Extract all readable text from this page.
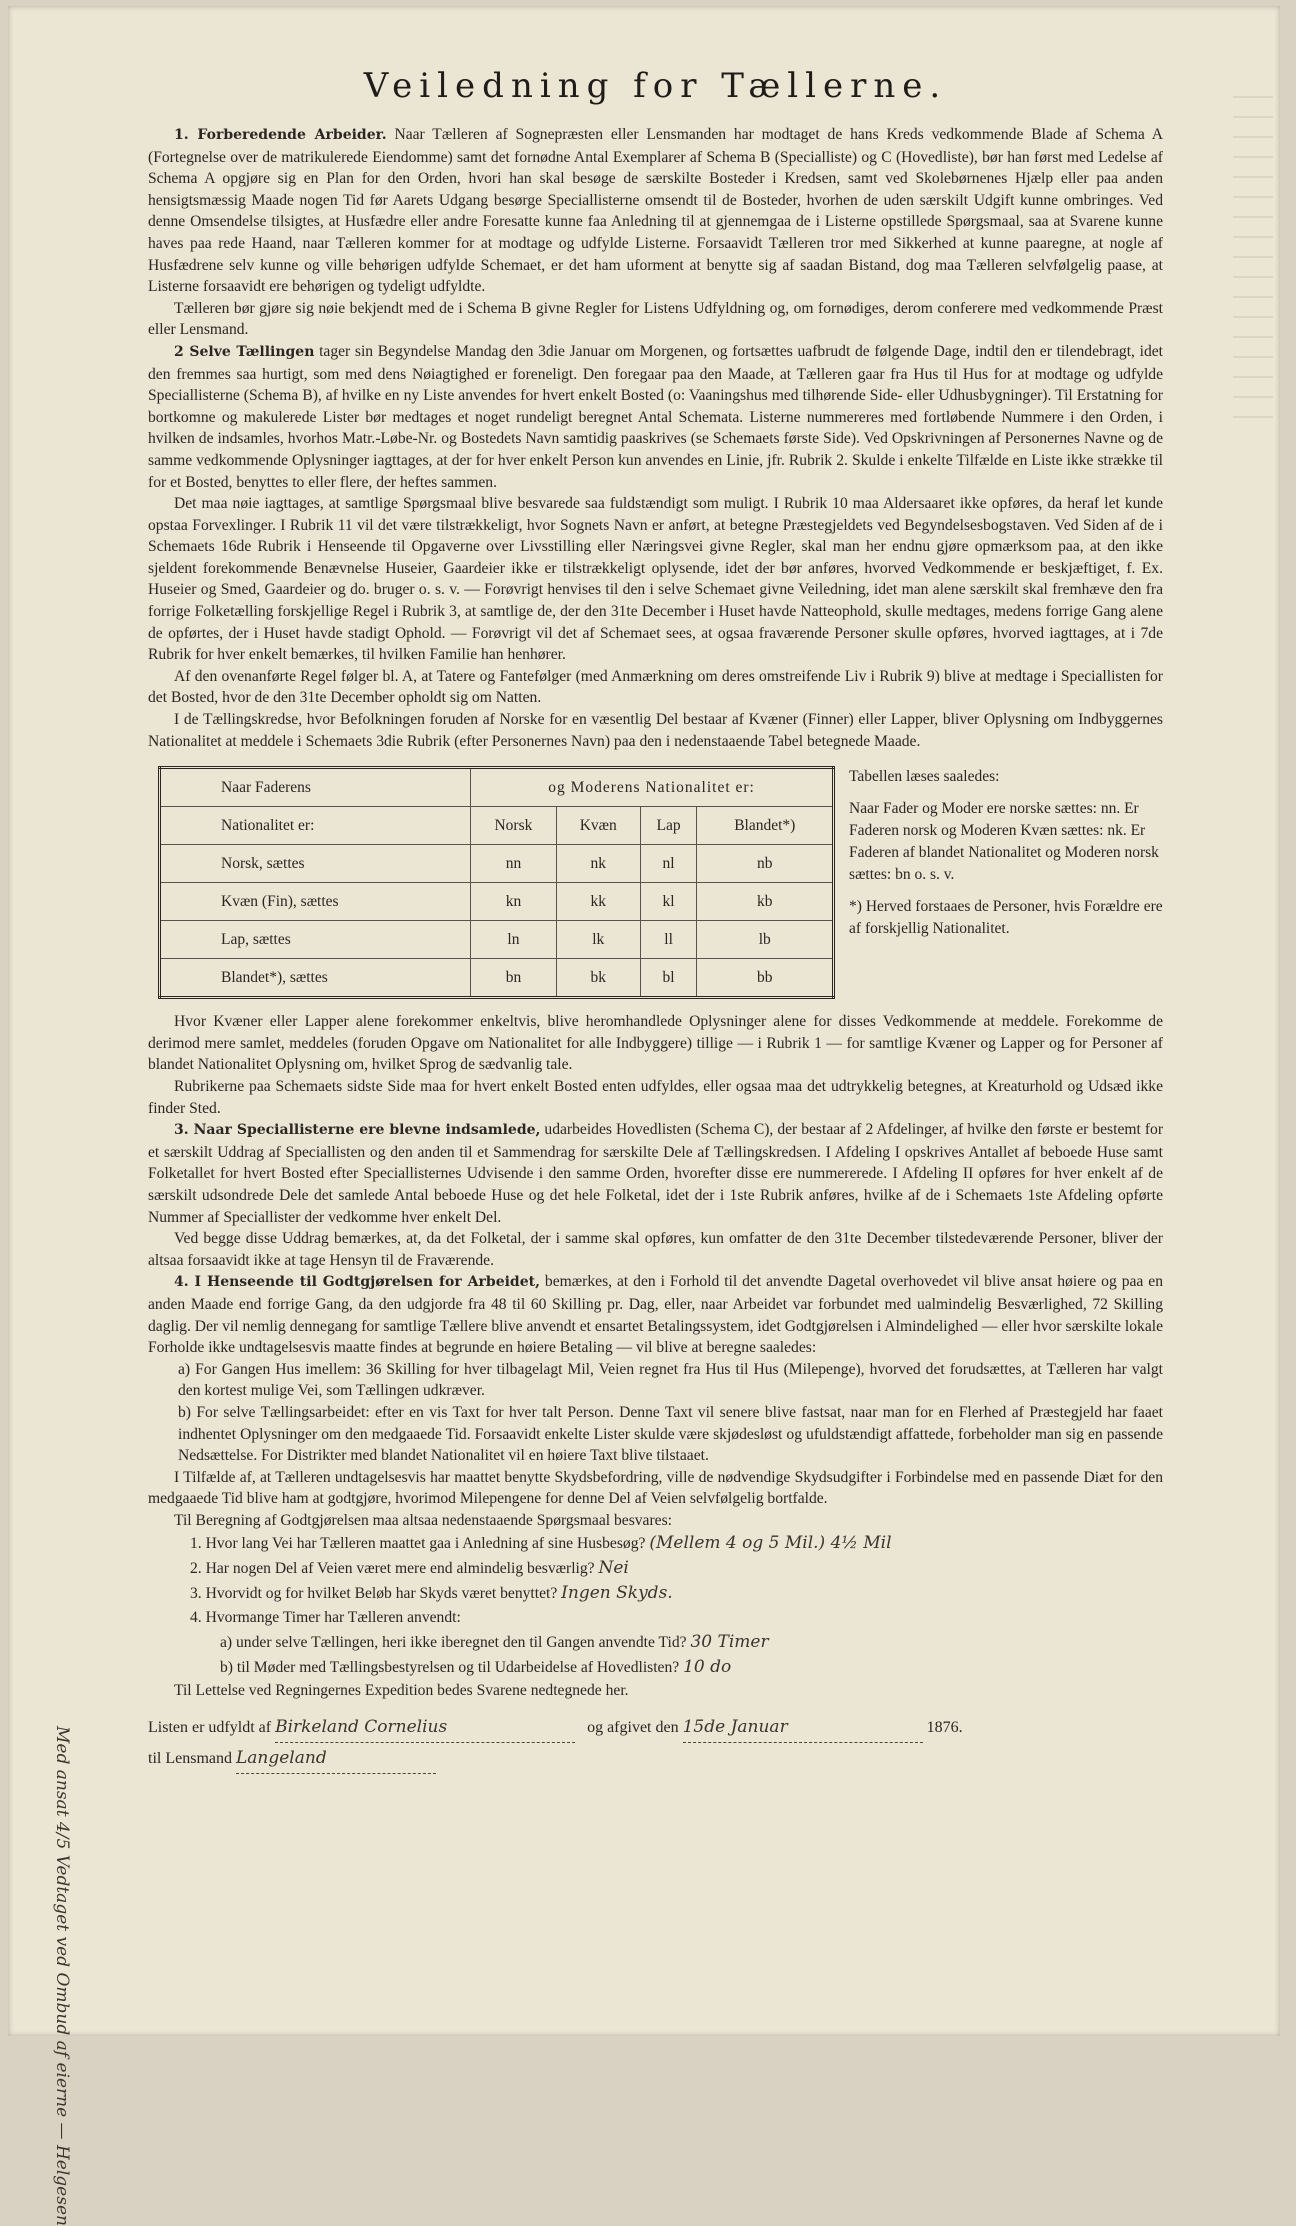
Veiledning for Tællerne.

1. Forberedende Arbeider. Naar Tælleren af Sognepræsten eller Lensmanden har modtaget de hans Kreds vedkommende Blade af Schema A (Fortegnelse over de matrikulerede Eiendomme) samt det fornødne Antal Exemplarer af Schema B (Specialliste) og C (Hovedliste), bør han først med Ledelse af Schema A opgjøre sig en Plan for den Orden, hvori han skal besøge de særskilte Bosteder i Kredsen, samt ved Skolebørnenes Hjælp eller paa anden hensigtsmæssig Maade nogen Tid før Aarets Udgang besørge Speciallisterne omsendt til de Bosteder, hvorhen de uden særskilt Udgift kunne ombringes. Ved denne Omsendelse tilsigtes, at Husfædre eller andre Foresatte kunne faa Anledning til at gjennemgaa de i Listerne opstillede Spørgsmaal, saa at Svarene kunne haves paa rede Haand, naar Tælleren kommer for at modtage og udfylde Listerne. Forsaavidt Tælleren tror med Sikkerhed at kunne paaregne, at nogle af Husfædrene selv kunne og ville behørigen udfylde Schemaet, er det ham uforment at benytte sig af saadan Bistand, dog maa Tælleren selvfølgelig paase, at Listerne forsaavidt ere behørigen og tydeligt udfyldte.

Tælleren bør gjøre sig nøie bekjendt med de i Schema B givne Regler for Listens Udfyldning og, om fornødiges, derom conferere med vedkommende Præst eller Lensmand.

2 Selve Tællingen tager sin Begyndelse Mandag den 3die Januar om Morgenen, og fortsættes uafbrudt de følgende Dage, indtil den er tilendebragt, idet den fremmes saa hurtigt, som med dens Nøiagtighed er foreneligt. Den foregaar paa den Maade, at Tælleren gaar fra Hus til Hus for at modtage og udfylde Speciallisterne (Schema B), af hvilke en ny Liste anvendes for hvert enkelt Bosted (o: Vaaningshus med tilhørende Side- eller Udhusbygninger). Til Erstatning for bortkomne og makulerede Lister bør medtages et noget rundeligt beregnet Antal Schemata. Listerne nummereres med fortløbende Nummere i den Orden, i hvilken de indsamles, hvorhos Matr.-Løbe-Nr. og Bostedets Navn samtidig paaskrives (se Schemaets første Side). Ved Opskrivningen af Personernes Navne og de samme vedkommende Oplysninger iagttages, at der for hver enkelt Person kun anvendes en Linie, jfr. Rubrik 2. Skulde i enkelte Tilfælde en Liste ikke strække til for et Bosted, benyttes to eller flere, der heftes sammen.

Det maa nøie iagttages, at samtlige Spørgsmaal blive besvarede saa fuldstændigt som muligt. I Rubrik 10 maa Aldersaaret ikke opføres, da heraf let kunde opstaa Forvexlinger. I Rubrik 11 vil det være tilstrækkeligt, hvor Sognets Navn er anført, at betegne Præstegjeldets ved Begyndelsesbogstaven. Ved Siden af de i Schemaets 16de Rubrik i Henseende til Opgaverne over Livsstilling eller Næringsvei givne Regler, skal man her endnu gjøre opmærksom paa, at den ikke sjeldent forekommende Benævnelse Huseier, Gaardeier ikke er tilstrækkeligt oplysende, idet der bør anføres, hvorved Vedkommende er beskjæftiget, f. Ex. Huseier og Smed, Gaardeier og do. bruger o. s. v. — Forøvrigt henvises til den i selve Schemaet givne Veiledning, idet man alene særskilt skal fremhæve den fra forrige Folketælling forskjellige Regel i Rubrik 3, at samtlige de, der den 31te December i Huset havde Natteophold, skulle medtages, medens forrige Gang alene de opførtes, der i Huset havde stadigt Ophold. — Forøvrigt vil det af Schemaet sees, at ogsaa fraværende Personer skulle opføres, hvorved iagttages, at i 7de Rubrik for hver enkelt bemærkes, til hvilken Familie han henhører.

Af den ovenanførte Regel følger bl. A, at Tatere og Fantefølger (med Anmærkning om deres omstreifende Liv i Rubrik 9) blive at medtage i Speciallisten for det Bosted, hvor de den 31te December opholdt sig om Natten.

I de Tællingskredse, hvor Befolkningen foruden af Norske for en væsentlig Del bestaar af Kvæner (Finner) eller Lapper, bliver Oplysning om Indbyggernes Nationalitet at meddele i Schemaets 3die Rubrik (efter Personernes Navn) paa den i nedenstaaende Tabel betegnede Maade.

Naar Faderens	og Moderens Nationalitet er:			
Nationalitet er:	Norsk	Kvæn	Lap	Blandet*)
Norsk, sættes	nn	nk	nl	nb
Kvæn (Fin), sættes	kn	kk	kl	kb
Lap, sættes	ln	lk	ll	lb
Blandet*), sættes	bn	bk	bl	bb

Tabellen læses saaledes:

Naar Fader og Moder ere norske sættes: nn. Er Faderen norsk og Moderen Kvæn sættes: nk. Er Faderen af blandet Nationalitet og Moderen norsk sættes: bn o. s. v.

*) Herved forstaaes de Personer, hvis Forældre ere af forskjellig Nationalitet.

Hvor Kvæner eller Lapper alene forekommer enkeltvis, blive heromhandlede Oplysninger alene for disses Vedkommende at meddele. Forekomme de derimod mere samlet, meddeles (foruden Opgave om Nationalitet for alle Indbyggere) tillige — i Rubrik 1 — for samtlige Kvæner og Lapper og for Personer af blandet Nationalitet Oplysning om, hvilket Sprog de sædvanlig tale.

Rubrikerne paa Schemaets sidste Side maa for hvert enkelt Bosted enten udfyldes, eller ogsaa maa det udtrykkelig betegnes, at Kreaturhold og Udsæd ikke finder Sted.

3. Naar Speciallisterne ere blevne indsamlede, udarbeides Hovedlisten (Schema C), der bestaar af 2 Afdelinger, af hvilke den første er bestemt for et særskilt Uddrag af Speciallisten og den anden til et Sammendrag for særskilte Dele af Tællingskredsen. I Afdeling I opskrives Antallet af beboede Huse samt Folketallet for hvert Bosted efter Speciallisternes Udvisende i den samme Orden, hvorefter disse ere nummererede. I Afdeling II opføres for hver enkelt af de særskilt udsondrede Dele det samlede Antal beboede Huse og det hele Folketal, idet der i 1ste Rubrik anføres, hvilke af de i Schemaets 1ste Afdeling opførte Nummer af Speciallister der vedkomme hver enkelt Del.

Ved begge disse Uddrag bemærkes, at, da det Folketal, der i samme skal opføres, kun omfatter de den 31te December tilstedeværende Personer, bliver der altsaa forsaavidt ikke at tage Hensyn til de Fraværende.

4. I Henseende til Godtgjørelsen for Arbeidet, bemærkes, at den i Forhold til det anvendte Dagetal overhovedet vil blive ansat høiere og paa en anden Maade end forrige Gang, da den udgjorde fra 48 til 60 Skilling pr. Dag, eller, naar Arbeidet var forbundet med ualmindelig Besværlighed, 72 Skilling daglig. Der vil nemlig dennegang for samtlige Tællere blive anvendt et ensartet Betalingssystem, idet Godtgjørelsen i Almindelighed — eller hvor særskilte lokale Forholde ikke undtagelsesvis maatte findes at begrunde en høiere Betaling — vil blive at beregne saaledes:

a) For Gangen Hus imellem: 36 Skilling for hver tilbagelagt Mil, Veien regnet fra Hus til Hus (Milepenge), hvorved det forudsættes, at Tælleren har valgt den kortest mulige Vei, som Tællingen udkræver.

b) For selve Tællingsarbeidet: efter en vis Taxt for hver talt Person. Denne Taxt vil senere blive fastsat, naar man for en Flerhed af Præstegjeld har faaet indhentet Oplysninger om den medgaaede Tid. Forsaavidt enkelte Lister skulde være skjødesløst og ufuldstændigt affattede, forbeholder man sig en passende Nedsættelse. For Distrikter med blandet Nationalitet vil en høiere Taxt blive tilstaaet.

I Tilfælde af, at Tælleren undtagelsesvis har maattet benytte Skydsbefordring, ville de nødvendige Skydsudgifter i Forbindelse med en passende Diæt for den medgaaede Tid blive ham at godtgjøre, hvorimod Milepengene for denne Del af Veien selvfølgelig bortfalde.

Til Beregning af Godtgjørelsen maa altsaa nedenstaaende Spørgsmaal besvares:

1. Hvor lang Vei har Tælleren maattet gaa i Anledning af sine Husbesøg? (Mellem 4 og 5 Mil.) 4½ Mil
2. Har nogen Del af Veien været mere end almindelig besværlig? Nei
3. Hvorvidt og for hvilket Beløb har Skyds været benyttet? Ingen Skyds.
4. Hvormange Timer har Tælleren anvendt:
a) under selve Tællingen, heri ikke iberegnet den til Gangen anvendte Tid? 30 Timer
b) til Møder med Tællingsbestyrelsen og til Udarbeidelse af Hovedlisten? 10 do

Til Lettelse ved Regningernes Expedition bedes Svarene nedtegnede her.

Listen er udfyldt af Birkeland Cornelius	og afgivet den 15de Januar	1876.
til Lensmand Langeland
Med ansat 4/5 Vedtaget ved Ombud af eierne — Helgesen
